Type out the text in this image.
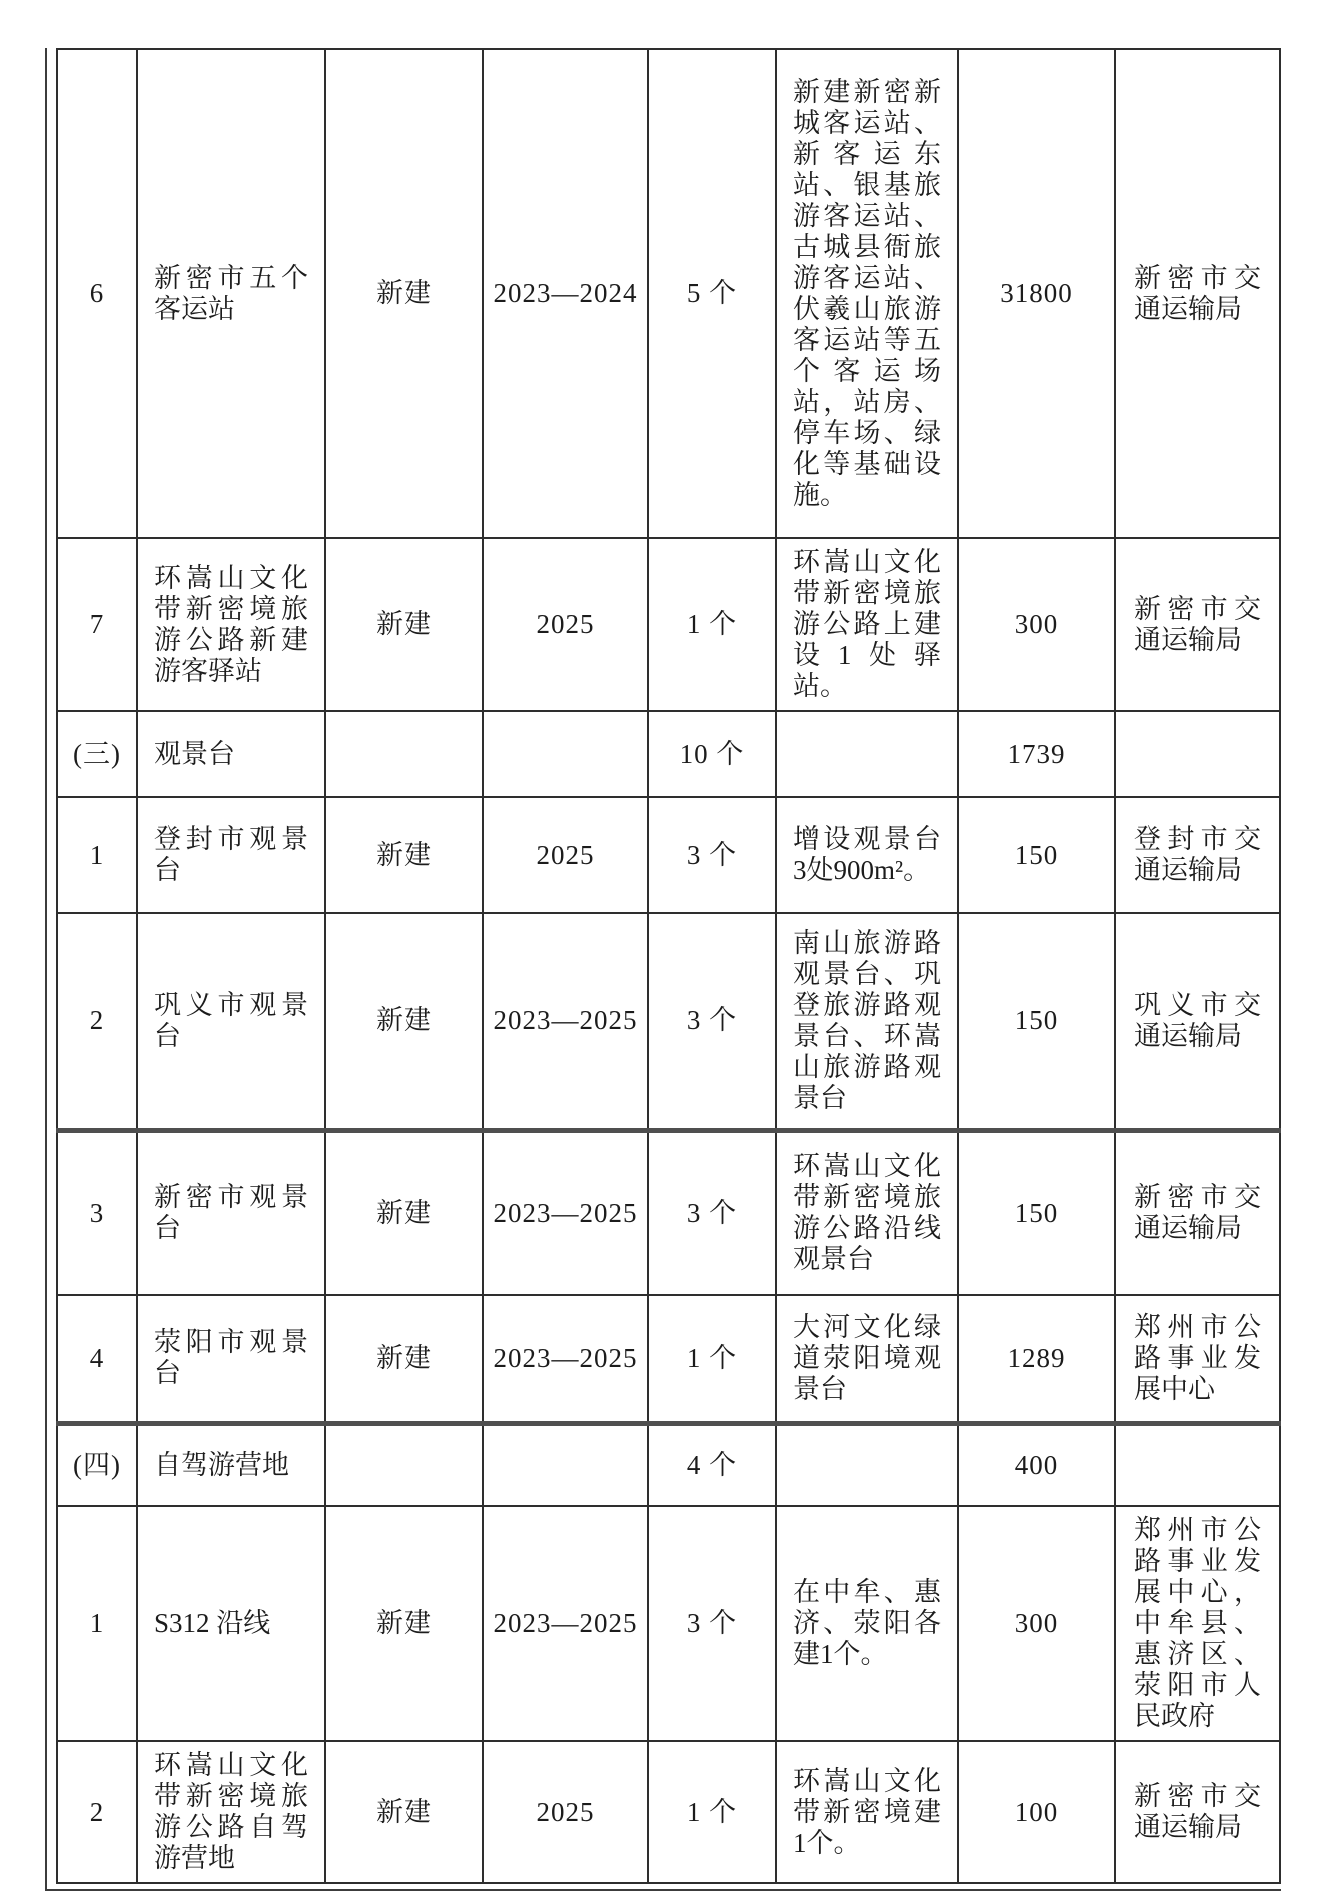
6	新密市五个客运站	新建	2023—2024	5 个	新建新密新城客运站、新客运东站、银基旅游客运站、古城县衙旅游客运站、伏羲山旅游客运站等五个客运场站，站房、停车场、绿化等基础设施。	31800	新密市交通运输局
7	环嵩山文化带新密境旅游公路新建游客驿站	新建	2025	1 个	环嵩山文化带新密境旅游公路上建设1处驿站。	300	新密市交通运输局
(三)	观景台			10 个		1739	
1	登封市观景台	新建	2025	3 个	增设观景台3处900m²。	150	登封市交通运输局
2	巩义市观景台	新建	2023—2025	3 个	南山旅游路观景台、巩登旅游路观景台、环嵩山旅游路观景台	150	巩义市交通运输局
3	新密市观景台	新建	2023—2025	3 个	环嵩山文化带新密境旅游公路沿线观景台	150	新密市交通运输局
4	荥阳市观景台	新建	2023—2025	1 个	大河文化绿道荥阳境观景台	1289	郑州市公路事业发展中心
(四)	自驾游营地			4 个		400	
1	S312 沿线	新建	2023—2025	3 个	在中牟、惠济、荥阳各建1个。	300	郑州市公路事业发展中心，中牟县、惠济区、荥阳市人民政府
2	环嵩山文化带新密境旅游公路自驾游营地	新建	2025	1 个	环嵩山文化带新密境建1个。	100	新密市交通运输局
